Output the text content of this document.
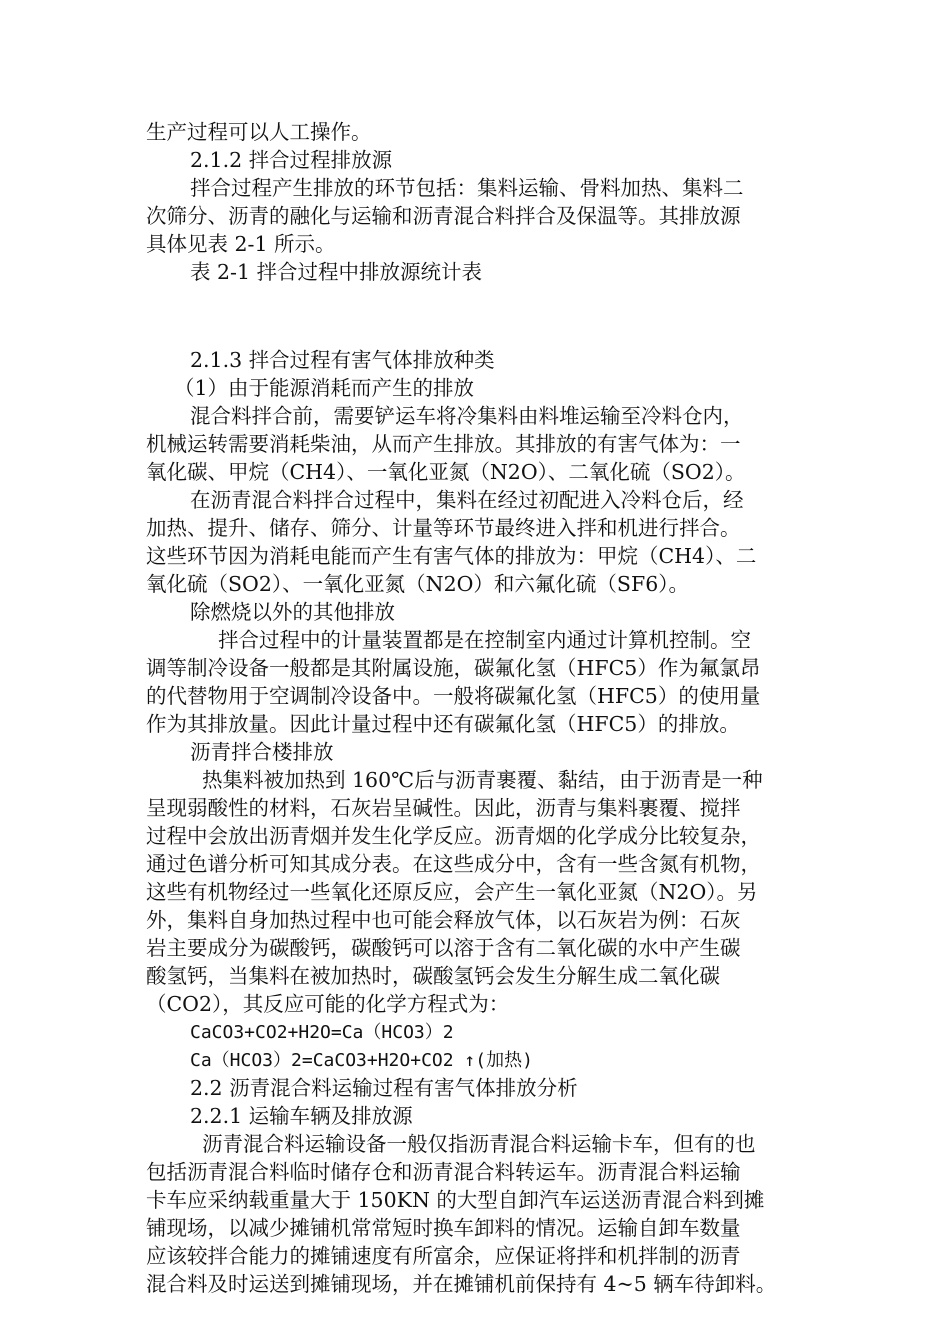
生产过程可以人工操作。
2.1.2 拌合过程排放源
拌合过程产生排放的环节包括：集料运输、骨料加热、集料二
次筛分、沥青的融化与运输和沥青混合料拌合及保温等。其排放源
具体见表 2-1 所示。
表 2-1 拌合过程中排放源统计表
2.1.3 拌合过程有害气体排放种类
（1）由于能源消耗而产生的排放
混合料拌合前，需要铲运车将冷集料由料堆运输至冷料仓内，
机械运转需要消耗柴油，从而产生排放。其排放的有害气体为：一
氧化碳、甲烷（CH4）、一氧化亚氮（N2O）、二氧化硫（SO2）。
在沥青混合料拌合过程中，集料在经过初配进入冷料仓后，经
加热、提升、储存、筛分、计量等环节最终进入拌和机进行拌合。
这些环节因为消耗电能而产生有害气体的排放为：甲烷（CH4）、二
氧化硫（SO2）、一氧化亚氮（N2O）和六氟化硫（SF6）。
除燃烧以外的其他排放
拌合过程中的计量装置都是在控制室内通过计算机控制。空
调等制冷设备一般都是其附属设施，碳氟化氢（HFC5）作为氟氯昂
的代替物用于空调制冷设备中。一般将碳氟化氢（HFC5）的使用量
作为其排放量。因此计量过程中还有碳氟化氢（HFC5）的排放。
沥青拌合楼排放
热集料被加热到 160℃后与沥青裹覆、黏结，由于沥青是一种
呈现弱酸性的材料，石灰岩呈碱性。因此，沥青与集料裹覆、搅拌
过程中会放出沥青烟并发生化学反应。沥青烟的化学成分比较复杂，
通过色谱分析可知其成分表。在这些成分中，含有一些含氮有机物，
这些有机物经过一些氧化还原反应，会产生一氧化亚氮（N2O）。另
外，集料自身加热过程中也可能会释放气体，以石灰岩为例：石灰
岩主要成分为碳酸钙，碳酸钙可以溶于含有二氧化碳的水中产生碳
酸氢钙，当集料在被加热时，碳酸氢钙会发生分解生成二氧化碳
（CO2），其反应可能的化学方程式为：
CaCO3+CO2+H2O=Ca（HCO3）2
Ca（HCO3）2=CaCO3+H2O+CO2 ↑(加热)
2.2 沥青混合料运输过程有害气体排放分析
2.2.1 运输车辆及排放源
沥青混合料运输设备一般仅指沥青混合料运输卡车，但有的也
包括沥青混合料临时储存仓和沥青混合料转运车。沥青混合料运输
卡车应采纳载重量大于 150KN 的大型自卸汽车运送沥青混合料到摊
铺现场，以减少摊铺机常常短时换车卸料的情况。运输自卸车数量
应该较拌合能力的摊铺速度有所富余，应保证将拌和机拌制的沥青
混合料及时运送到摊铺现场，并在摊铺机前保持有 4~5 辆车待卸料。
